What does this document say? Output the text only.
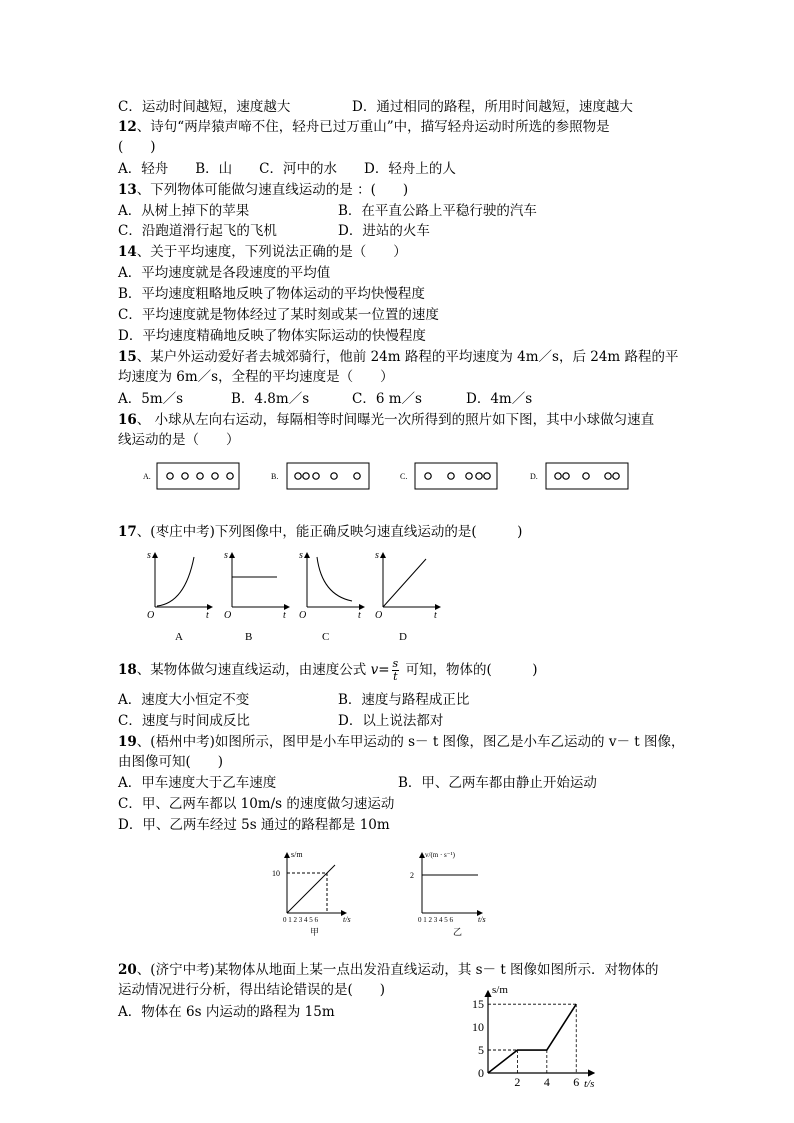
C．运动时间越短，速度越大	D．通过相同的路程，所用时间越短，速度越大
12、诗句“两岸猿声啼不住，轻舟已过万重山”中，描写轻舟运动时所选的参照物是
(　　)
A．轻舟　　B．山　　C．河中的水　　D．轻舟上的人
13、下列物体可能做匀速直线运动的是 ：(　　)
A．从树上掉下的苹果	B．在平直公路上平稳行驶的汽车
C．沿跑道滑行起飞的飞机	D．进站的火车
14、关于平均速度，下列说法正确的是（　　）
A．平均速度就是各段速度的平均值
B．平均速度粗略地反映了物体运动的平均快慢程度
C．平均速度就是物体经过了某时刻或某一位置的速度
D．平均速度精确地反映了物体实际运动的快慢程度
15、某户外运动爱好者去城郊骑行，他前 24m 路程的平均速度为 4m／s，后 24m 路程的平
均速度为 6m／s，全程的平均速度是（　　）
A．5m／s	B．4.8m／s	C．6 m／s	D．4m／s
16、 小球从左向右运动，每隔相等时间曝光一次所得到的照片如下图，其中小球做匀速直
线运动的是（　　）
A.	B.	C.	D.
17、(枣庄中考)下列图像中，能正确反映匀速直线运动的是(　　　)
s
O	t
A
s
O	t
B
s
O	t
C
s
O	t
D
18、某物体做匀速直线运动，由速度公式 $v= \frac{s}{t}$ 可知，物体的(　　　)
A．速度大小恒定不变	B．速度与路程成正比
C．速度与时间成反比	D．以上说法都对
19、(梧州中考)如图所示，图甲是小车甲运动的 s－ t 图像，图乙是小车乙运动的 v－ t 图像，
由图像可知(　　)
A．甲车速度大于乙车速度	B．甲、乙两车都由静止开始运动
C．甲、乙两车都以 10m/s 的速度做匀速运动
D．甲、乙两车经过 5s 通过的路程都是 10m
s/m
10
0 1 2 3 4 5 6	t/s
甲
v/(m · s⁻¹)
2
0 1 2 3 4 5 6	t/s
乙
20、(济宁中考)某物体从地面上某一点出发沿直线运动，其 s－ t 图像如图所示．对物体的
运动情况进行分析，得出结论错误的是(　　)
A．物体在 6s 内运动的路程为 15m
0
5
10
15
2 4 6
s/m
t/s
